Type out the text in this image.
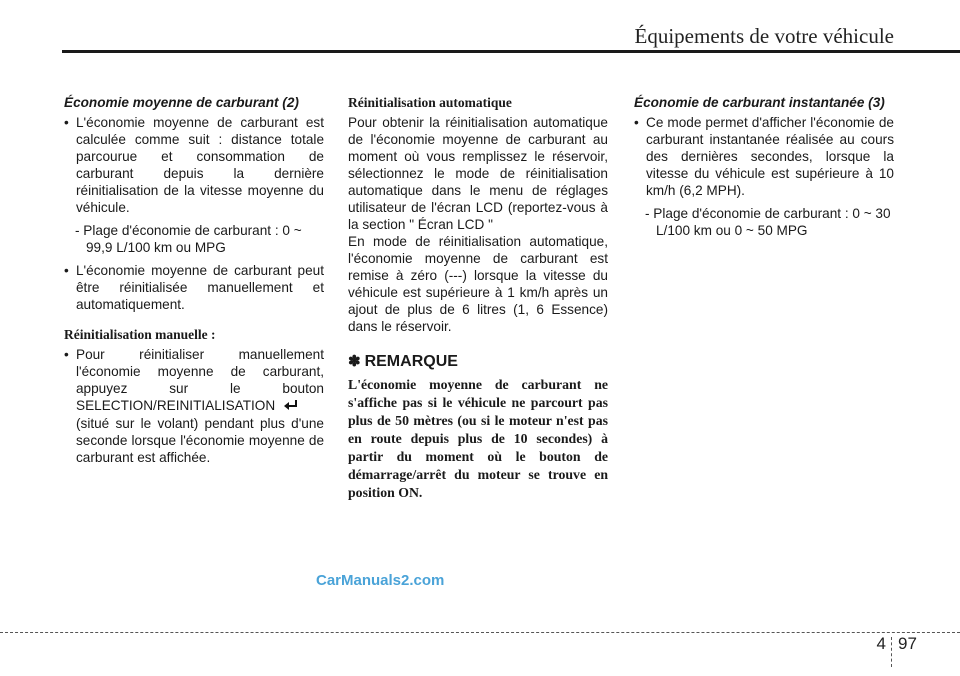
Équipements de votre véhicule

Économie moyenne de carburant (2)

• L'économie moyenne de carburant est calculée comme suit : distance totale parcourue et consommation de carburant depuis la dernière réinitialisation de la vitesse moyenne du véhicule.

- Plage d'économie de carburant : 0 ~ 99,9 L/100 km ou MPG

• L'économie moyenne de carburant peut être réinitialisée manuellement et automatiquement.

Réinitialisation manuelle :

• Pour réinitialiser manuellement l'économie moyenne de carburant, appuyez sur le bouton SELECTION/REINITIALISATION (situé sur le volant) pendant plus d'une seconde lorsque l'économie moyenne de carburant est affichée.

Réinitialisation automatique

Pour obtenir la réinitialisation automatique de l'économie moyenne de carburant au moment où vous remplissez le réservoir, sélectionnez le mode de réinitialisation automatique dans le menu de réglages utilisateur de l'écran LCD (reportez-vous à la section " Écran LCD "

En mode de réinitialisation automatique, l'économie moyenne de carburant est remise à zéro (---) lorsque la vitesse du véhicule est supérieure à 1 km/h après un ajout de plus de 6 litres (1, 6 Essence) dans le réservoir.

✽ REMARQUE

L'économie moyenne de carburant ne s'affiche pas si le véhicule ne parcourt pas plus de 50 mètres (ou si le moteur n'est pas en route depuis plus de 10 secondes) à partir du moment où le bouton de démarrage/arrêt du moteur se trouve en position ON.

Économie de carburant instantanée (3)

• Ce mode permet d'afficher l'économie de carburant instantanée réalisée au cours des dernières secondes, lorsque la vitesse du véhicule est supérieure à 10 km/h (6,2 MPH).

- Plage d'économie de carburant : 0 ~ 30 L/100 km ou 0 ~ 50 MPG

CarManuals2.com
4 97
